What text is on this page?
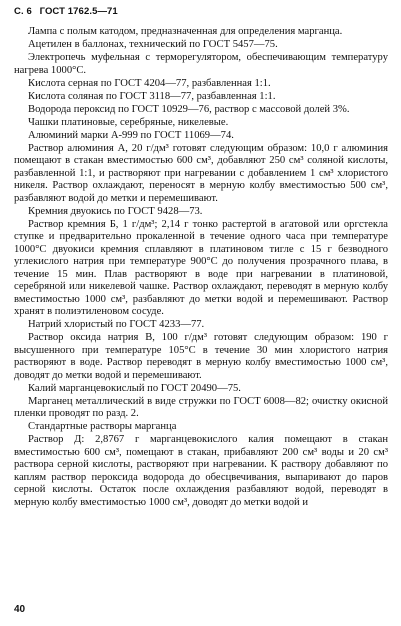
С. 6 ГОСТ 1762.5—71

Лампа с полым катодом, предназначенная для определения марганца.

Ацетилен в баллонах, технический по ГОСТ 5457—75.

Электропечь муфельная с терморегулятором, обеспечивающим температуру нагрева 1000°С.

Кислота серная по ГОСТ 4204—77, разбавленная 1:1.

Кислота соляная по ГОСТ 3118—77, разбавленная 1:1.

Водорода пероксид по ГОСТ 10929—76, раствор с массовой долей 3%.

Чашки платиновые, серебряные, никелевые.

Алюминий марки А-999 по ГОСТ 11069—74.

Раствор алюминия А, 20 г/дм³ готовят следующим образом: 10,0 г алюминия помещают в стакан вместимостью 600 см³, добавляют 250 см³ соляной кислоты, разбавленной 1:1, и растворяют при нагревании с добавлением 1 см³ хлористого никеля. Раствор охлаждают, переносят в мерную колбу вместимостью 500 см³, разбавляют водой до метки и перемешивают.

Кремния двуокись по ГОСТ 9428—73.

Раствор кремния Б, 1 г/дм³; 2,14 г тонко растертой в агатовой или оргстекла ступке и предварительно прокаленной в течение одного часа при температуре 1000°С двуокиси кремния сплавляют в платиновом тигле с 15 г безводного углекислого натрия при температуре 900°С до получения прозрачного плава, в течение 15 мин. Плав растворяют в воде при нагревании в платиновой, серебряной или никелевой чашке. Раствор охлаждают, переводят в мерную колбу вместимостью 1000 см³, разбавляют до метки водой и перемешивают. Раствор хранят в полиэтиленовом сосуде.

Натрий хлористый по ГОСТ 4233—77.

Раствор оксида натрия В, 100 г/дм³ готовят следующим образом: 190 г высушенного при температуре 105°С в течение 30 мин хлористого натрия растворяют в воде. Раствор переводят в мерную колбу вместимостью 1000 см³, доводят до метки водой и перемешивают.

Калий марганцевокислый по ГОСТ 20490—75.

Марганец металлический в виде стружки по ГОСТ 6008—82; очистку окисной пленки проводят по разд. 2.

Стандартные растворы марганца

Раствор Д: 2,8767 г марганцевокислого калия помещают в стакан вместимостью 600 см³, помещают в стакан, прибавляют 200 см³ воды и 20 см³ раствора серной кислоты, растворяют при нагревании. К раствору добавляют по каплям раствор пероксида водорода до обесцвечивания, выпаривают до паров серной кислоты. Остаток после охлаждения разбавляют водой, переводят в мерную колбу вместимостью 1000 см³, доводят до метки водой и

40
